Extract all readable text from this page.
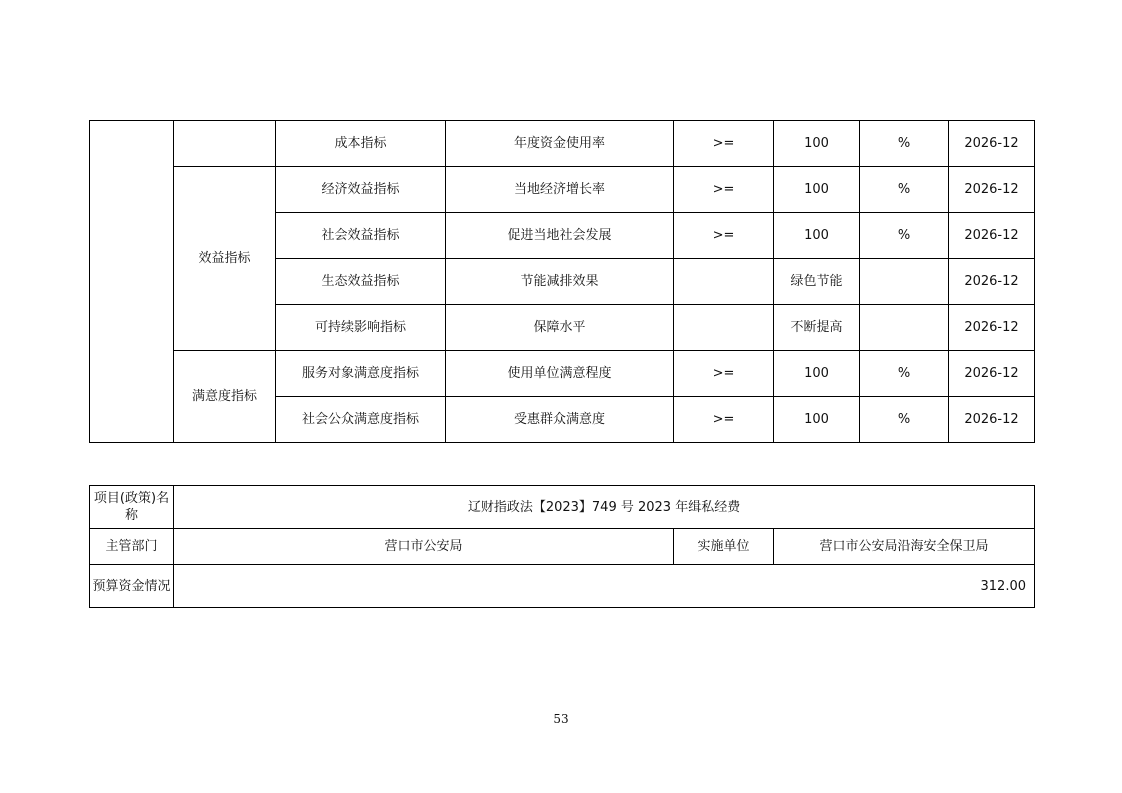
		成本指标	年度资金使用率	>=	100	%	2026-12
	效益指标	经济效益指标	当地经济增长率	>=	100	%	2026-12
		社会效益指标	促进当地社会发展	>=	100	%	2026-12
		生态效益指标	节能减排效果		绿色节能		2026-12
		可持续影响指标	保障水平		不断提高		2026-12
	满意度指标	服务对象满意度指标	使用单位满意程度	>=	100	%	2026-12
		社会公众满意度指标	受惠群众满意度	>=	100	%	2026-12
项目(政策)名称	辽财指政法【2023】749 号 2023 年缉私经费		
主管部门	营口市公安局	实施单位	营口市公安局沿海安全保卫局
预算资金情况	312.00		
53
